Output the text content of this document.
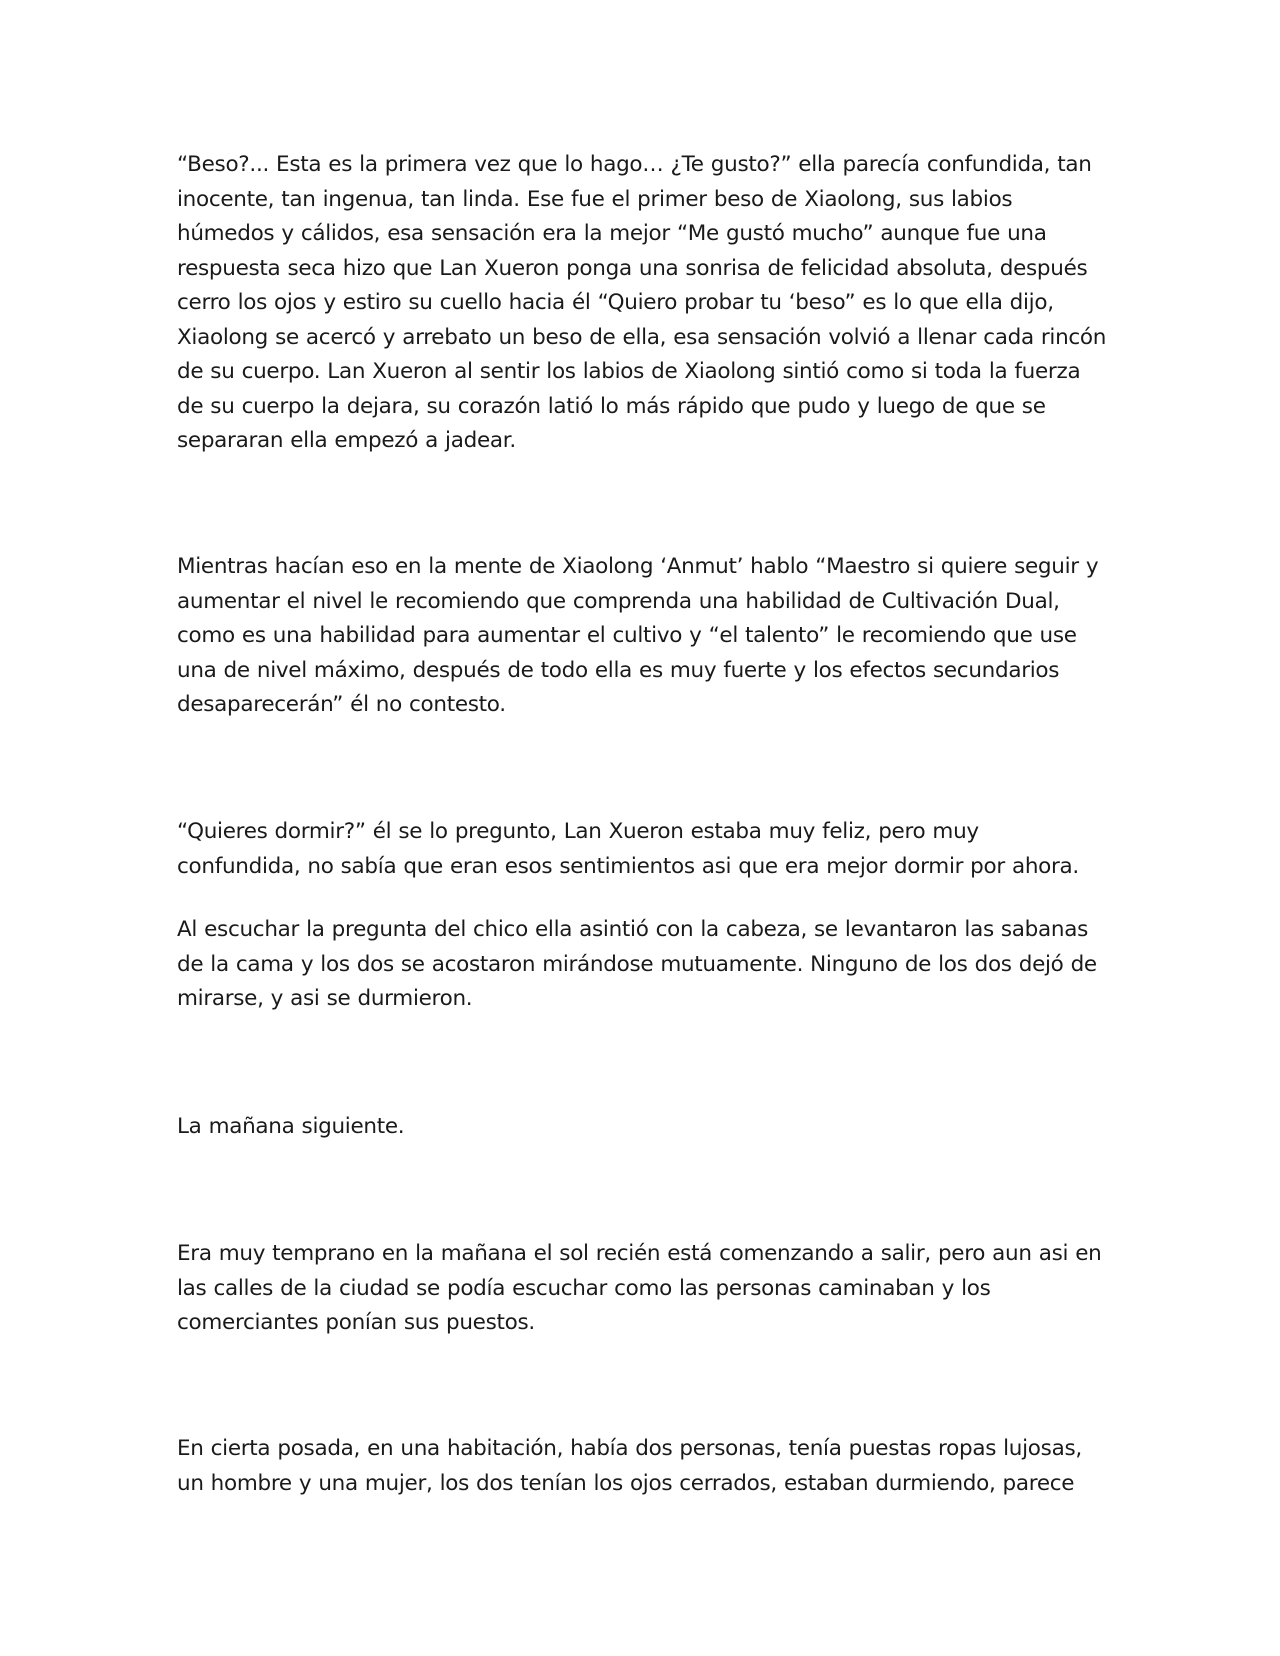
“Beso?... Esta es la primera vez que lo hago… ¿Te gusto?” ella parecía confundida, tan inocente, tan ingenua, tan linda. Ese fue el primer beso de Xiaolong, sus labios húmedos y cálidos, esa sensación era la mejor “Me gustó mucho” aunque fue una respuesta seca hizo que Lan Xueron ponga una sonrisa de felicidad absoluta, después cerro los ojos y estiro su cuello hacia él “Quiero probar tu ‘beso” es lo que ella dijo, Xiaolong se acercó y arrebato un beso de ella, esa sensación volvió a llenar cada rincón de su cuerpo. Lan Xueron al sentir los labios de Xiaolong sintió como si toda la fuerza de su cuerpo la dejara, su corazón latió lo más rápido que pudo y luego de que se separaran ella empezó a jadear.

Mientras hacían eso en la mente de Xiaolong ‘Anmut’ hablo “Maestro si quiere seguir y aumentar el nivel le recomiendo que comprenda una habilidad de Cultivación Dual, como es una habilidad para aumentar el cultivo y “el talento” le recomiendo que use una de nivel máximo, después de todo ella es muy fuerte y los efectos secundarios desaparecerán” él no contesto.

“Quieres dormir?” él se lo pregunto, Lan Xueron estaba muy feliz, pero muy confundida, no sabía que eran esos sentimientos asi que era mejor dormir por ahora.

Al escuchar la pregunta del chico ella asintió con la cabeza, se levantaron las sabanas de la cama y los dos se acostaron mirándose mutuamente. Ninguno de los dos dejó de mirarse, y asi se durmieron.

La mañana siguiente.

Era muy temprano en la mañana el sol recién está comenzando a salir, pero aun asi en las calles de la ciudad se podía escuchar como las personas caminaban y los comerciantes ponían sus puestos.

En cierta posada, en una habitación, había dos personas, tenía puestas ropas lujosas, un hombre y una mujer, los dos tenían los ojos cerrados, estaban durmiendo, parece
